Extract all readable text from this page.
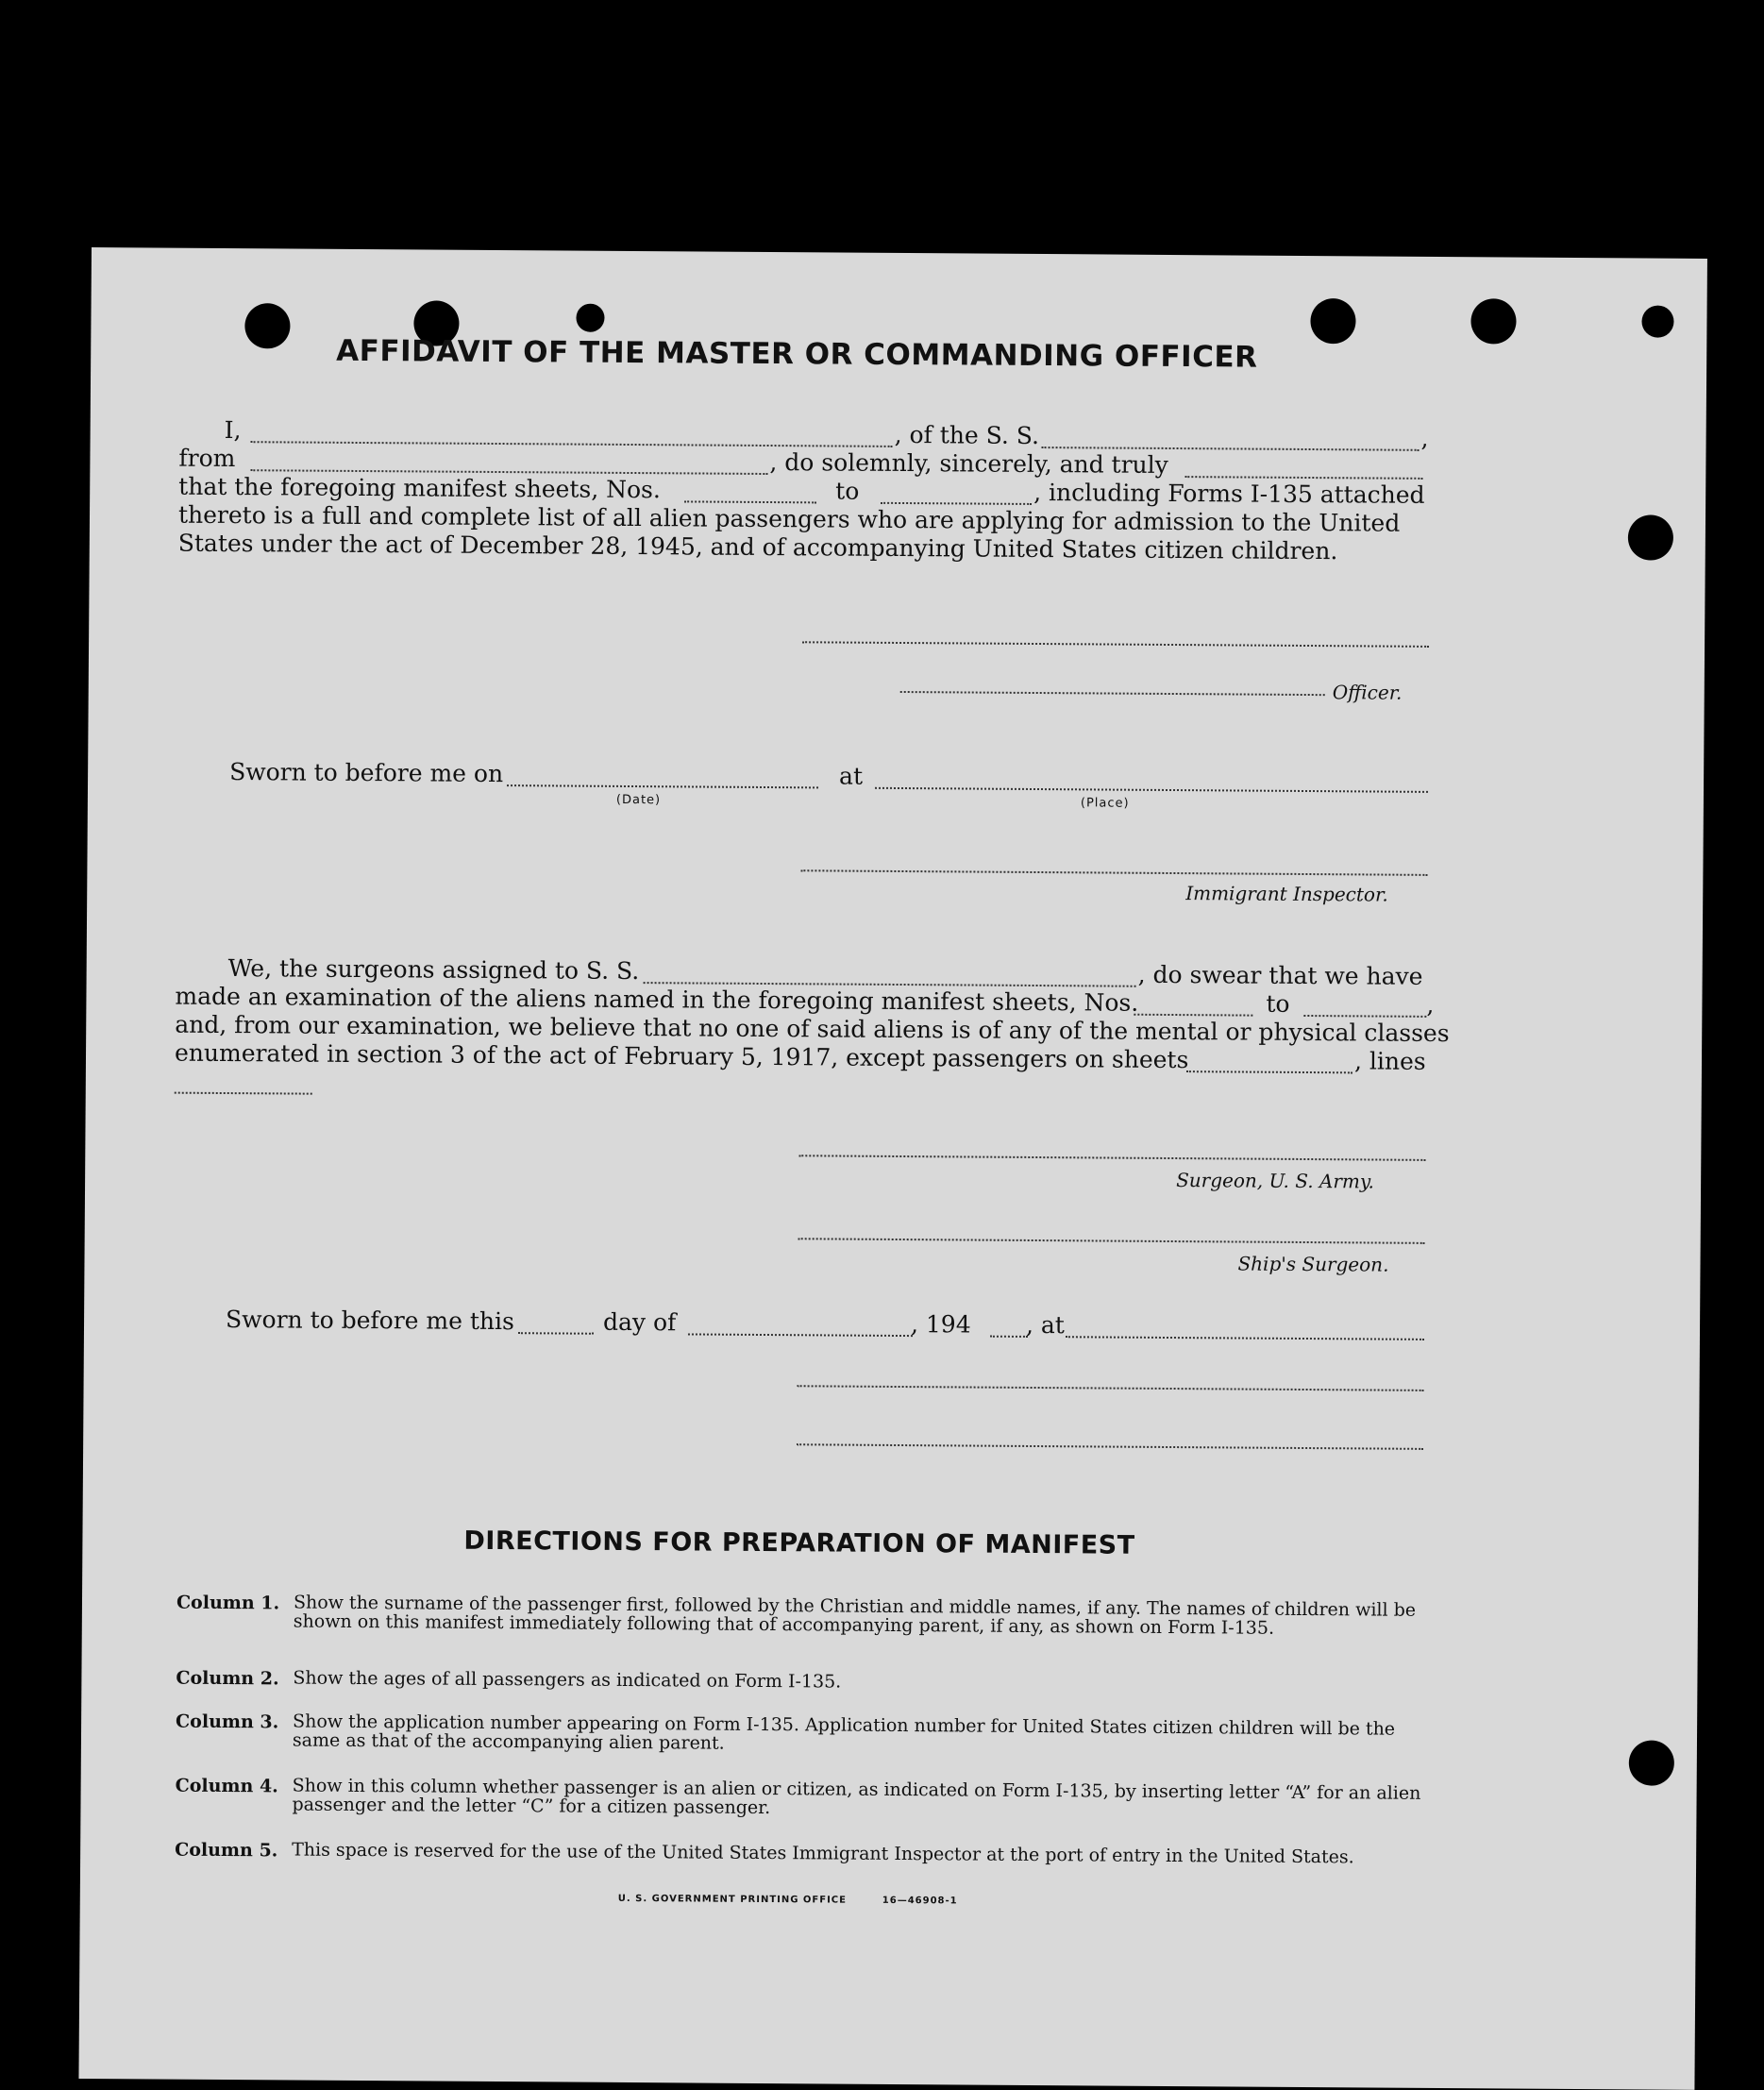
AFFIDAVIT OF THE MASTER OR COMMANDING OFFICER
I,	, of the S. S.	,
from	, do solemnly, sincerely, and truly
that the foregoing manifest sheets, Nos.	to	, including Forms I-135 attached
thereto is a full and complete list of all alien passengers who are applying for admission to the United
States under the act of December 28, 1945, and of accompanying United States citizen children.
Officer.
Sworn to before me on
(Date)
at
(Place)
Immigrant Inspector.
We, the surgeons assigned to S. S.	, do swear that we have
made an examination of the aliens named in the foregoing manifest sheets, Nos.	to	,
and, from our examination, we believe that no one of said aliens is of any of the mental or physical classes
enumerated in section 3 of the act of February 5, 1917, except passengers on sheets	, lines
Surgeon, U. S. Army.
Ship's Surgeon.
Sworn to before me this	day of	, 194 , at
DIRECTIONS FOR PREPARATION OF MANIFEST
Column 1. Show the surname of the passenger first, followed by the Christian and middle names, if any. The names of children will be shown on this manifest immediately following that of accompanying parent, if any, as shown on Form I-135.
Column 2. Show the ages of all passengers as indicated on Form I-135.
Column 3. Show the application number appearing on Form I-135. Application number for United States citizen children will be the same as that of the accompanying alien parent.
Column 4. Show in this column whether passenger is an alien or citizen, as indicated on Form I-135, by inserting letter “A” for an alien passenger and the letter “C” for a citizen passenger.
Column 5. This space is reserved for the use of the United States Immigrant Inspector at the port of entry in the United States.
U. S. GOVERNMENT PRINTING OFFICE	16—46908-1
